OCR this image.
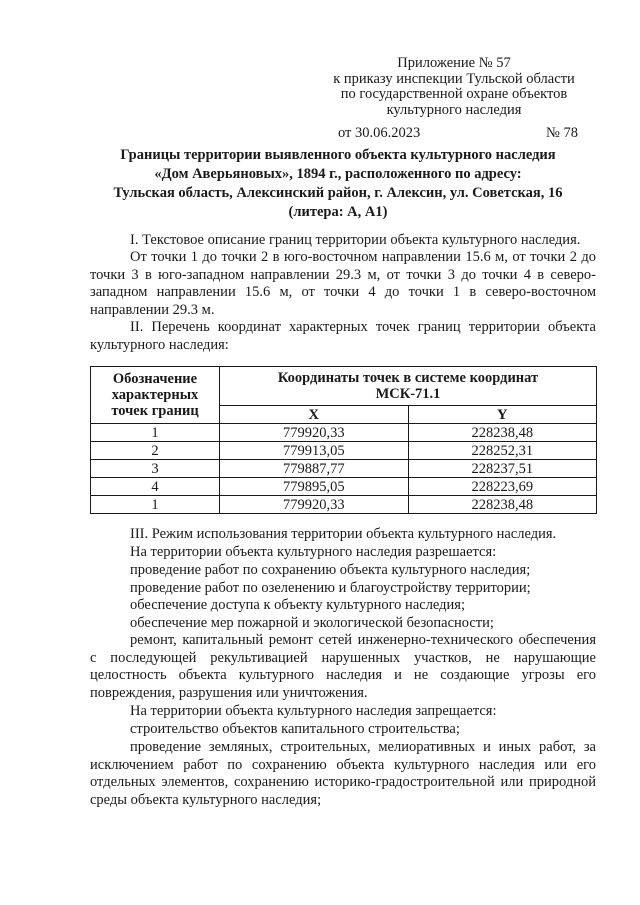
Приложение № 57
к приказу инспекции Тульской области
по государственной охране объектов
культурного наследия
от 30.06.2023	№ 78
Границы территории выявленного объекта культурного наследия
«Дом Аверьяновых», 1894 г., расположенного по адресу:
Тульская область, Алексинский район, г. Алексин, ул. Советская, 16
(литера: А, А1)

I. Текстовое описание границ территории объекта культурного наследия.

От точки 1 до точки 2 в юго-восточном направлении 15.6 м, от точки 2 до точки 3 в юго-западном направлении 29.3 м, от точки 3 до точки 4 в северо-западном направлении 15.6 м, от точки 4 до точки 1 в северо-восточном направлении 29.3 м.

II. Перечень координат характерных точек границ территории объекта культурного наследия:

Обозначение характерных точек границ	Координаты точек в системе координат
МСК-71.1	

	X	Y
1	779920,33	228238,48
2	779913,05	228252,31
3	779887,77	228237,51
4	779895,05	228223,69
1	779920,33	228238,48

III. Режим использования территории объекта культурного наследия.

На территории объекта культурного наследия разрешается:

проведение работ по сохранению объекта культурного наследия;
проведение работ по озеленению и благоустройству территории;
обеспечение доступа к объекту культурного наследия;
обеспечение мер пожарной и экологической безопасности;

ремонт, капитальный ремонт сетей инженерно-технического обеспечения с последующей рекультивацией нарушенных участков, не нарушающие целостность объекта культурного наследия и не создающие угрозы его повреждения, разрушения или уничтожения.

На территории объекта культурного наследия запрещается:

строительство объектов капитального строительства;

проведение земляных, строительных, мелиоративных и иных работ, за исключением работ по сохранению объекта культурного наследия или его отдельных элементов, сохранению историко-градостроительной или природной среды объекта культурного наследия;
